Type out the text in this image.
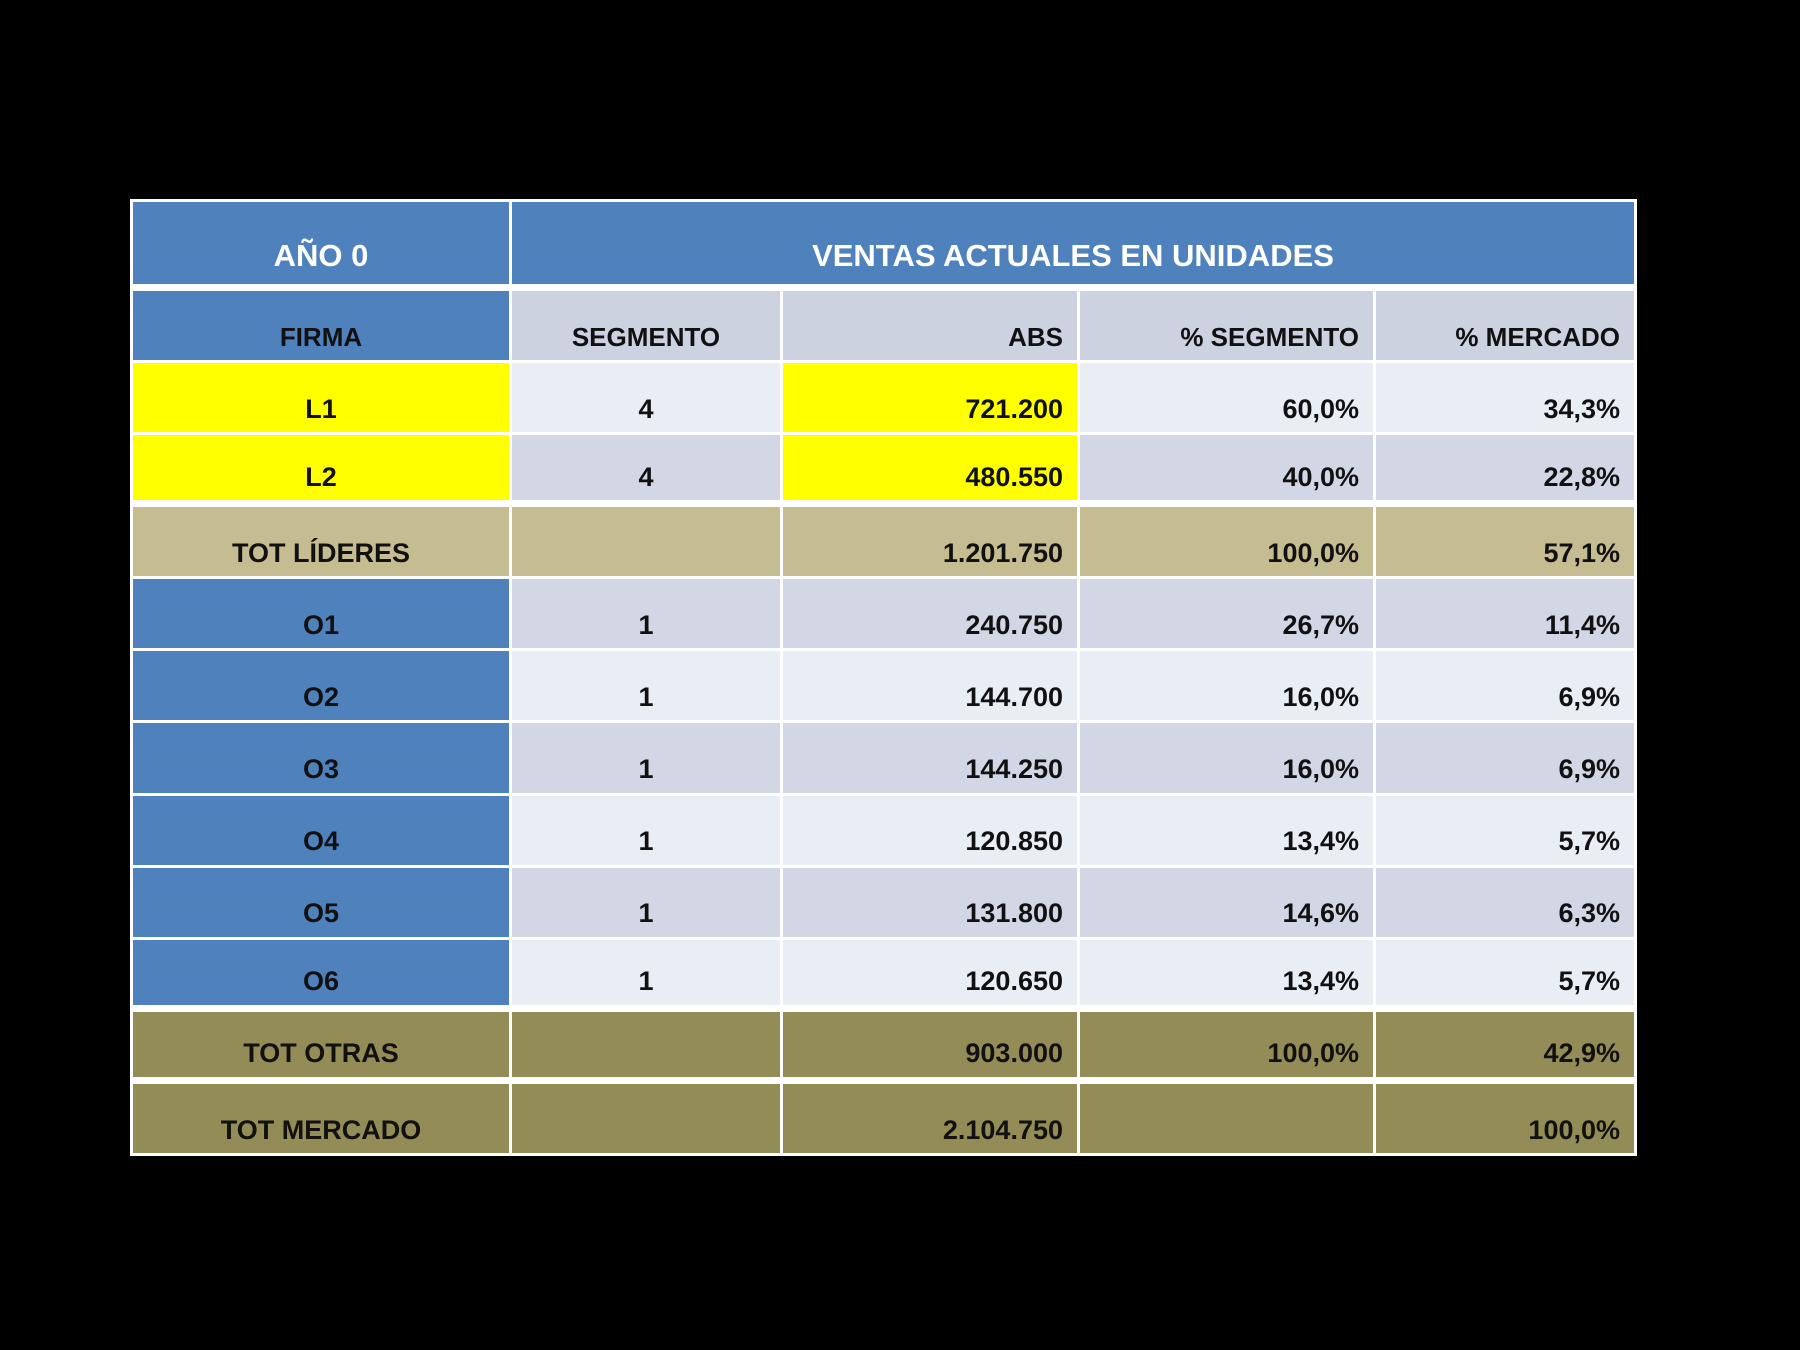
AÑO 0	VENTAS ACTUALES EN UNIDADES			
FIRMA	SEGMENTO	ABS	% SEGMENTO	% MERCADO
L1	4	721.200	60,0%	34,3%
L2	4	480.550	40,0%	22,8%
TOT LÍDERES		1.201.750	100,0%	57,1%
O1	1	240.750	26,7%	11,4%
O2	1	144.700	16,0%	6,9%
O3	1	144.250	16,0%	6,9%
O4	1	120.850	13,4%	5,7%
O5	1	131.800	14,6%	6,3%
O6	1	120.650	13,4%	5,7%
TOT OTRAS		903.000	100,0%	42,9%
TOT MERCADO		2.104.750		100,0%
